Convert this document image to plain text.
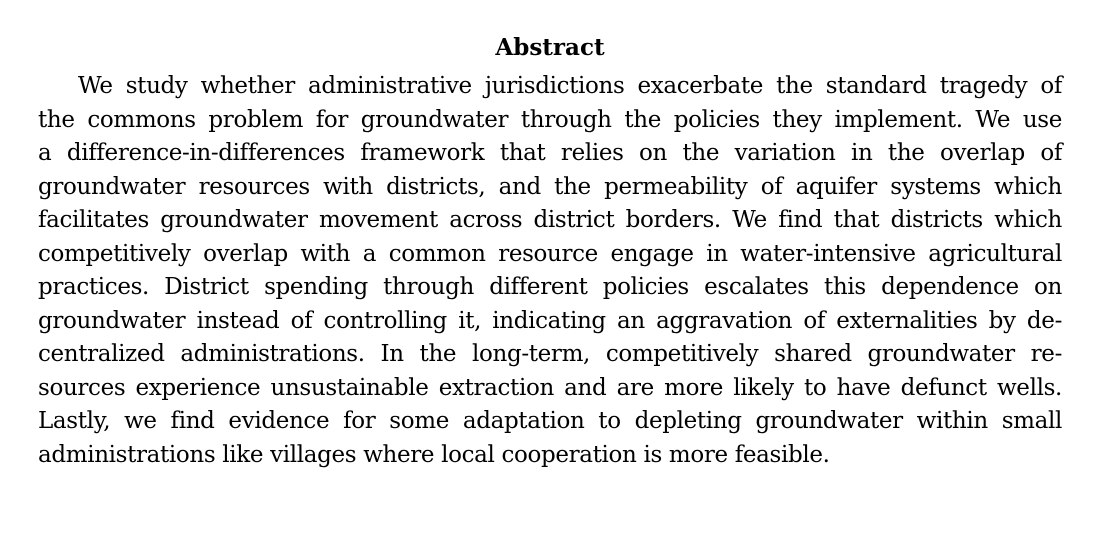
Abstract
We study whether administrative jurisdictions exacerbate the standard tragedy of
the commons problem for groundwater through the policies they implement. We use
a difference-in-differences framework that relies on the variation in the overlap of
groundwater resources with districts, and the permeability of aquifer systems which
facilitates groundwater movement across district borders. We find that districts which
competitively overlap with a common resource engage in water-intensive agricultural
practices. District spending through different policies escalates this dependence on
groundwater instead of controlling it, indicating an aggravation of externalities by de-
centralized administrations. In the long-term, competitively shared groundwater re-
sources experience unsustainable extraction and are more likely to have defunct wells.
Lastly, we find evidence for some adaptation to depleting groundwater within small
administrations like villages where local cooperation is more feasible.
